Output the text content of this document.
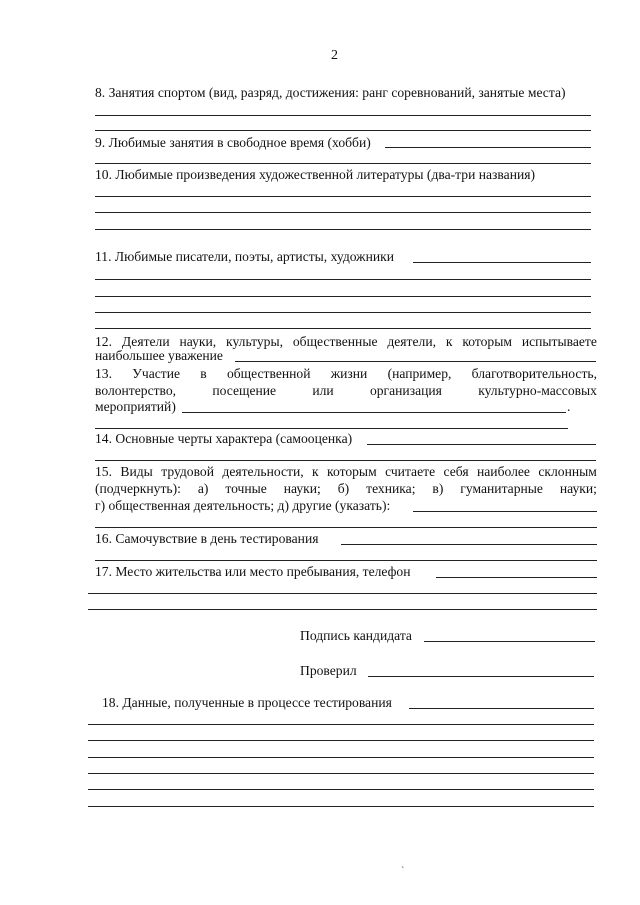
2
8. Занятия спортом (вид, разряд, достижения: ранг соревнований, занятые места)
9. Любимые занятия в свободное время (хобби)
10. Любимые произведения художественной литературы (два-три названия)
11. Любимые писатели, поэты, артисты, художники
12. Деятели науки, культуры, общественные деятели, к которым испытываете
наибольшее уважение
13. Участие в общественной жизни (например, благотворительность,
волонтерство,	посещение	или	организация	культурно-массовых
мероприятий)	.
14. Основные черты характера (самооценка)
15. Виды трудовой деятельности, к которым считаете себя наиболее склонным
(подчеркнуть): а) точные науки; б) техника; в) гуманитарные науки;
г) общественная деятельность; д) другие (указать):
16. Самочувствие в день тестирования
17. Место жительства или место пребывания, телефон
Подпись кандидата
Проверил
18. Данные, полученные в процессе тестирования
`
